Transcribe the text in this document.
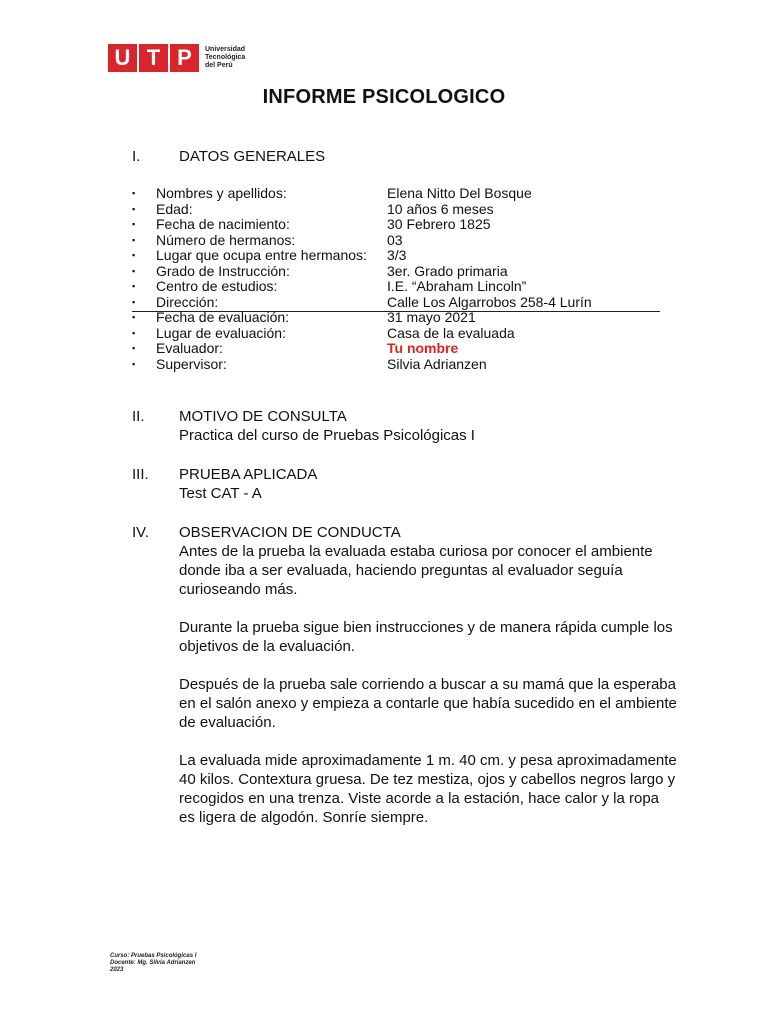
U T P	Universidad
Tecnológica
del Perú
INFORME PSICOLOGICO
I.	DATOS GENERALES
▪ Nombres y apellidos:	Elena Nitto Del Bosque
▪ Edad:	10 años 6 meses
▪ Fecha de nacimiento:	30 Febrero 1825
▪ Número de hermanos:	03
▪ Lugar que ocupa entre hermanos: 3/3
▪ Grado de Instrucción:	3er. Grado primaria
▪ Centro de estudios:	I.E. “Abraham Lincoln”
▪ Dirección:	Calle Los Algarrobos 258-4 Lurín
▪ Fecha de evaluación:	31 mayo 2021
▪ Lugar de evaluación:	Casa de la evaluada
▪ Evaluador:	Tu nombre
▪ Supervisor:	Silvia Adrianzen
II. MOTIVO DE CONSULTA
Practica del curso de Pruebas Psicológicas I
III. PRUEBA APLICADA
Test CAT - A
IV. OBSERVACION DE CONDUCTA

Antes de la prueba la evaluada estaba curiosa por conocer el ambiente donde iba a ser evaluada, haciendo preguntas al evaluador seguía curioseando más.

Durante la prueba sigue bien instrucciones y de manera rápida cumple los objetivos de la evaluación.

Después de la prueba sale corriendo a buscar a su mamá que la esperaba en el salón anexo y empieza a contarle que había sucedido en el ambiente de evaluación.

La evaluada mide aproximadamente 1 m. 40 cm. y pesa aproximadamente 40 kilos. Contextura gruesa. De tez mestiza, ojos y cabellos negros largo y recogidos en una trenza. Viste acorde a la estación, hace calor y la ropa es ligera de algodón. Sonríe siempre.

Curso: Pruebas Psicológicas I
Docente: Mg. Silvia Adrianzen
2023
